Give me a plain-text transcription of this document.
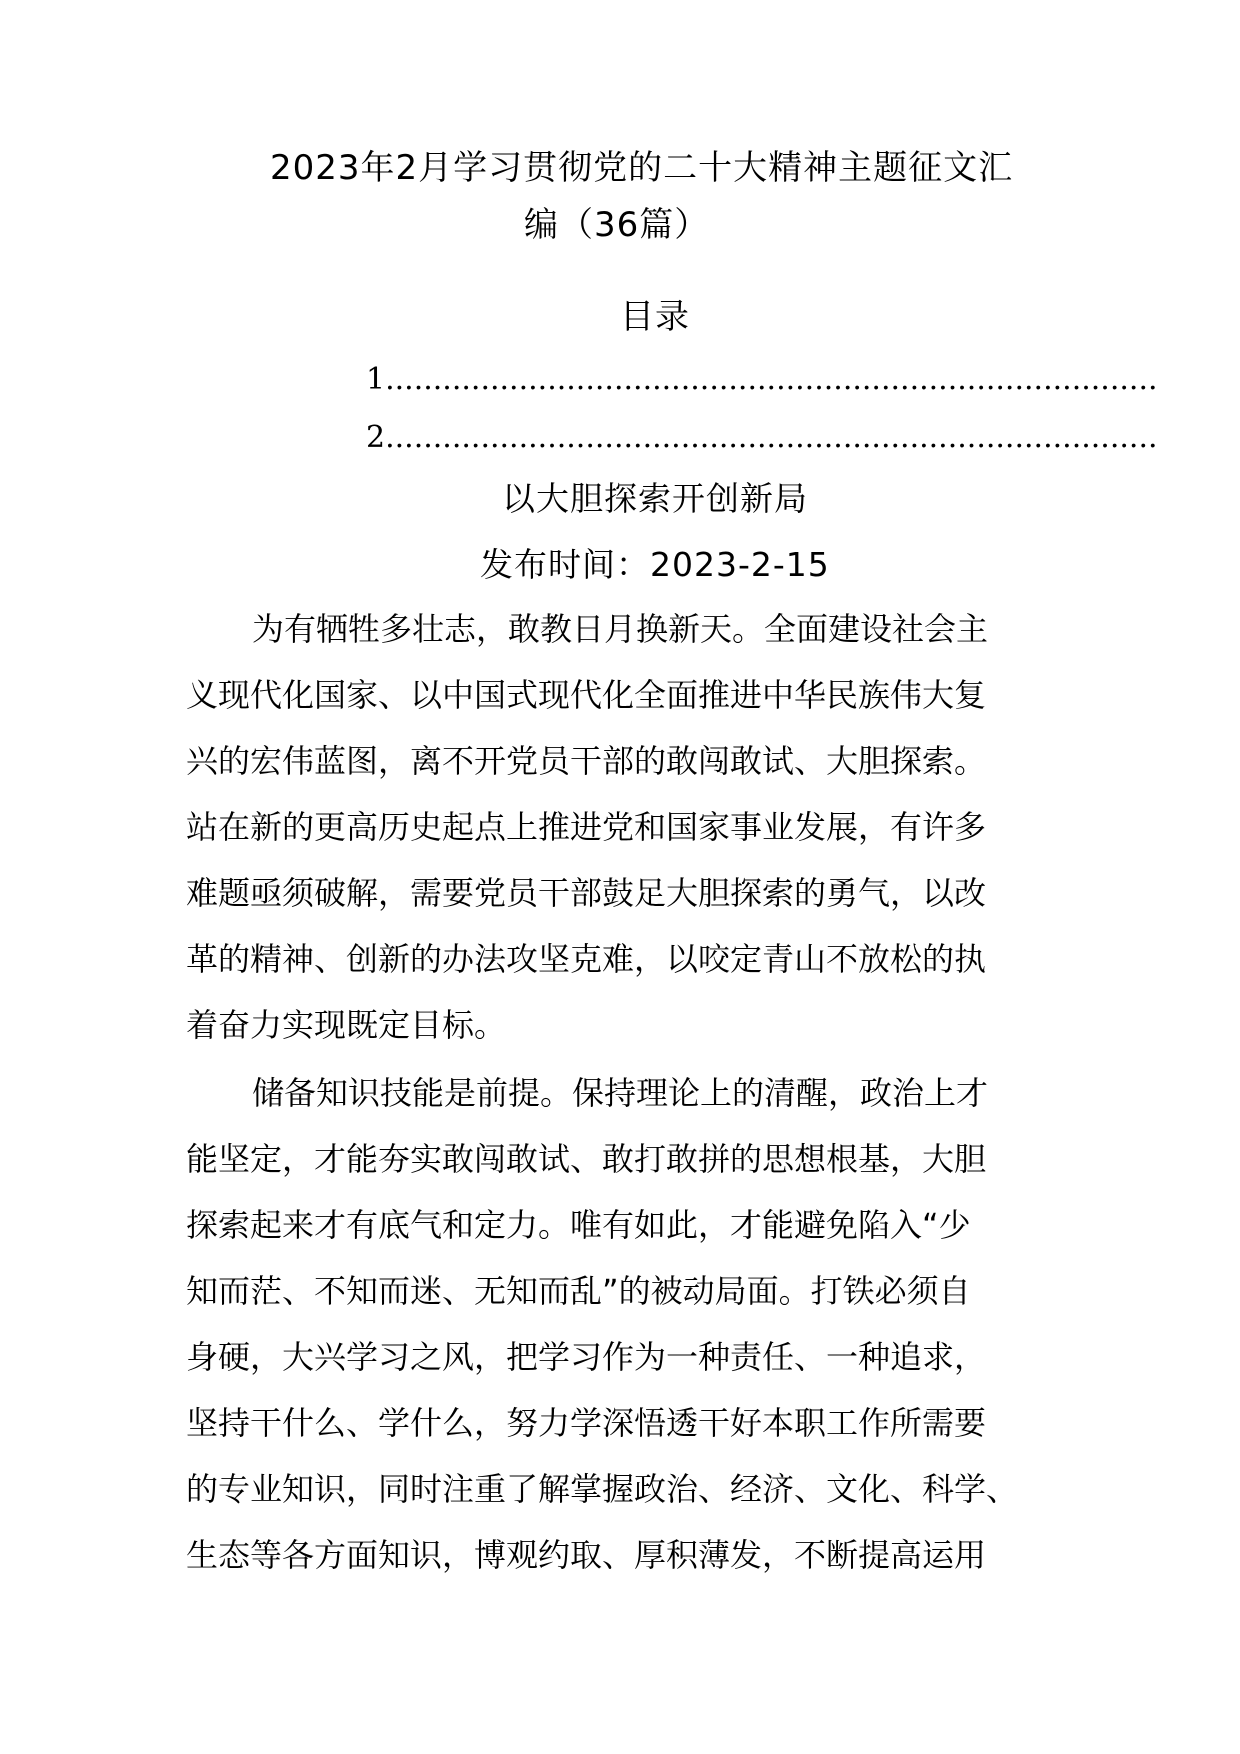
2023年2月学习贯彻党的二十大精神主题征文汇
编（36篇）
目录
1.................................................................................
2.................................................................................
以大胆探索开创新局
发布时间：2023-2-15
为有牺牲多壮志，敢教日月换新天。全面建设社会主
义现代化国家、以中国式现代化全面推进中华民族伟大复
兴的宏伟蓝图，离不开党员干部的敢闯敢试、大胆探索。
站在新的更高历史起点上推进党和国家事业发展，有许多
难题亟须破解，需要党员干部鼓足大胆探索的勇气，以改
革的精神、创新的办法攻坚克难，以咬定青山不放松的执
着奋力实现既定目标。
储备知识技能是前提。保持理论上的清醒，政治上才
能坚定，才能夯实敢闯敢试、敢打敢拼的思想根基，大胆
探索起来才有底气和定力。唯有如此，才能避免陷入“少
知而茫、不知而迷、无知而乱”的被动局面。打铁必须自
身硬，大兴学习之风，把学习作为一种责任、一种追求，
坚持干什么、学什么，努力学深悟透干好本职工作所需要
的专业知识，同时注重了解掌握政治、经济、文化、科学、
生态等各方面知识，博观约取、厚积薄发，不断提高运用
